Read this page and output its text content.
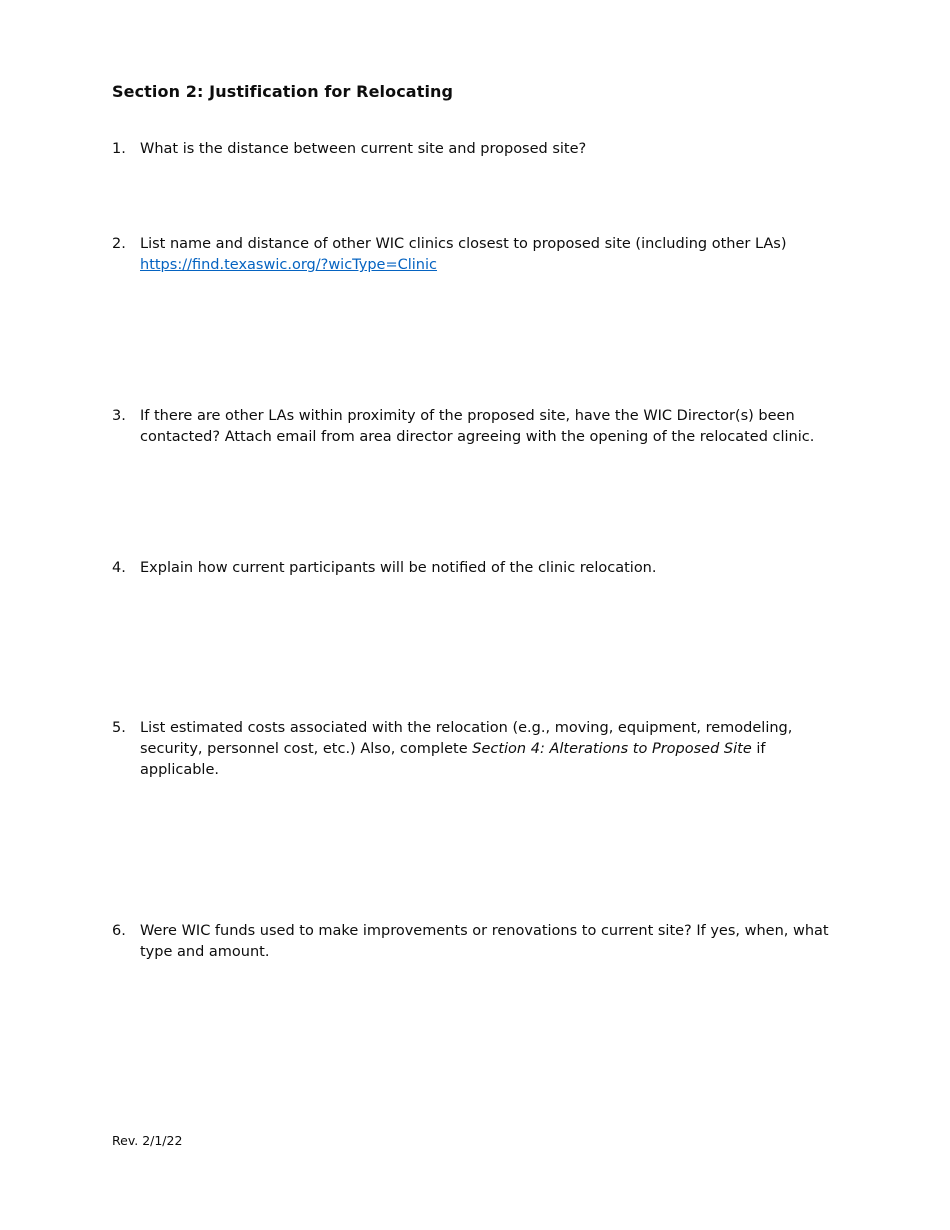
Section 2: Justification for Relocating
1. What is the distance between current site and proposed site?
2. List name and distance of other WIC clinics closest to proposed site (including other LAs) https://find.texaswic.org/?wicType=Clinic
3. If there are other LAs within proximity of the proposed site, have the WIC Director(s) been contacted? Attach email from area director agreeing with the opening of the relocated clinic.
4. Explain how current participants will be notified of the clinic relocation.
5. List estimated costs associated with the relocation (e.g., moving, equipment, remodeling, security, personnel cost, etc.) Also, complete Section 4: Alterations to Proposed Site if applicable.
6. Were WIC funds used to make improvements or renovations to current site? If yes, when, what type and amount.
Rev. 2/1/22
